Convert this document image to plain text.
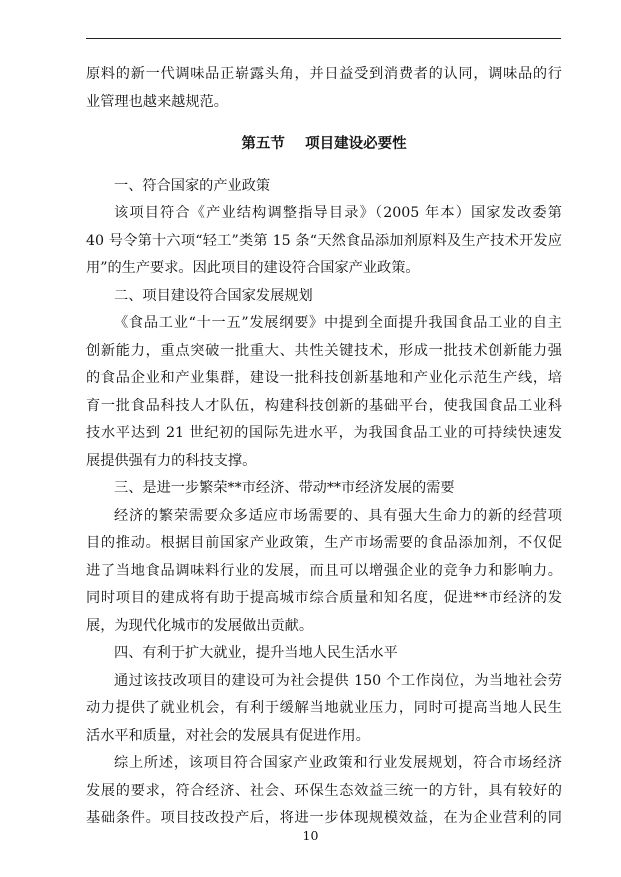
原料的新一代调味品正崭露头角，并日益受到消费者的认同，调味品的行
业管理也越来越规范。
第五节    项目建设必要性
一、符合国家的产业政策
该项目符合《产业结构调整指导目录》（2005 年本）国家发改委第
40 号令第十六项“轻工”类第 15 条“天然食品添加剂原料及生产技术开发应
用”的生产要求。因此项目的建设符合国家产业政策。
二、项目建设符合国家发展规划
《食品工业“十一五”发展纲要》中提到全面提升我国食品工业的自主
创新能力，重点突破一批重大、共性关键技术，形成一批技术创新能力强
的食品企业和产业集群，建设一批科技创新基地和产业化示范生产线，培
育一批食品科技人才队伍，构建科技创新的基础平台，使我国食品工业科
技水平达到 21 世纪初的国际先进水平，为我国食品工业的可持续快速发
展提供强有力的科技支撑。
三、是进一步繁荣**市经济、带动**市经济发展的需要
经济的繁荣需要众多适应市场需要的、具有强大生命力的新的经营项
目的推动。根据目前国家产业政策，生产市场需要的食品添加剂，不仅促
进了当地食品调味料行业的发展，而且可以增强企业的竞争力和影响力。
同时项目的建成将有助于提高城市综合质量和知名度，促进**市经济的发
展，为现代化城市的发展做出贡献。
四、有利于扩大就业，提升当地人民生活水平
通过该技改项目的建设可为社会提供 150 个工作岗位，为当地社会劳
动力提供了就业机会，有利于缓解当地就业压力，同时可提高当地人民生
活水平和质量，对社会的发展具有促进作用。
综上所述，该项目符合国家产业政策和行业发展规划，符合市场经济
发展的要求，符合经济、社会、环保生态效益三统一的方针，具有较好的
基础条件。项目技改投产后，将进一步体现规模效益，在为企业营利的同
10
